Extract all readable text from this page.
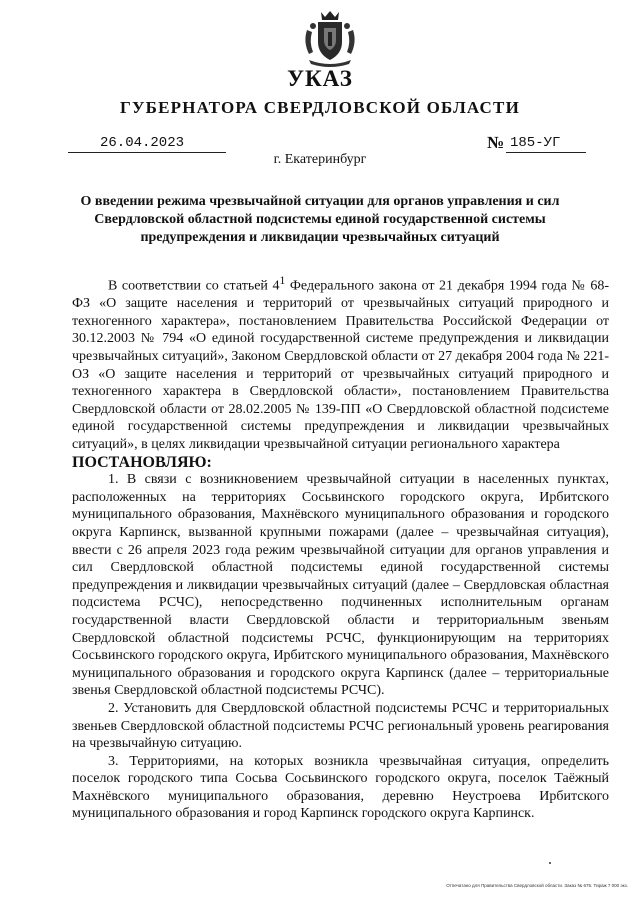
УКАЗ
ГУБЕРНАТОРА СВЕРДЛОВСКОЙ ОБЛАСТИ
26.04.2023	№ 185-УГ
г. Екатеринбург
О введении режима чрезвычайной ситуации для органов управления и сил Свердловской областной подсистемы единой государственной системы предупреждения и ликвидации чрезвычайных ситуаций

В соответствии со статьей $4^1$ Федерального закона от 21 декабря 1994 года № 68-ФЗ «О защите населения и территорий от чрезвычайных ситуаций природного и техногенного характера», постановлением Правительства Российской Федерации от 30.12.2003 № 794 «О единой государственной системе предупреждения и ликвидации чрезвычайных ситуаций», Законом Свердловской области от 27 декабря 2004 года № 221-ОЗ «О защите населения и территорий от чрезвычайных ситуаций природного и техногенного характера в Свердловской области», постановлением Правительства Свердловской области от 28.02.2005 № 139-ПП «О Свердловской областной подсистеме единой государственной системы предупреждения и ликвидации чрезвычайных ситуаций», в целях ликвидации чрезвычайной ситуации регионального характера

ПОСТАНОВЛЯЮ:

1. В связи с возникновением чрезвычайной ситуации в населенных пунктах, расположенных на территориях Сосьвинского городского округа, Ирбитского муниципального образования, Махнёвского муниципального образования и городского округа Карпинск, вызванной крупными пожарами (далее – чрезвычайная ситуация), ввести с 26 апреля 2023 года режим чрезвычайной ситуации для органов управления и сил Свердловской областной подсистемы единой государственной системы предупреждения и ликвидации чрезвычайных ситуаций (далее – Свердловская областная подсистема РСЧС), непосредственно подчиненных исполнительным органам государственной власти Свердловской области и территориальным звеньям Свердловской областной подсистемы РСЧС, функционирующим на территориях Сосьвинского городского округа, Ирбитского муниципального образования, Махнёвского муниципального образования и городского округа Карпинск (далее – территориальные звенья Свердловской областной подсистемы РСЧС).

2. Установить для Свердловской областной подсистемы РСЧС и территориальных звеньев Свердловской областной подсистемы РСЧС региональный уровень реагирования на чрезвычайную ситуацию.

3. Территориями, на которых возникла чрезвычайная ситуация, определить поселок городского типа Сосьва Сосьвинского городского округа, поселок Таёжный Махнёвского муниципального образования, деревню Неустроева Ирбитского муниципального образования и город Карпинск городского округа Карпинск.

Отпечатано для Правительства Свердловской области. Заказ № 675. Тираж 7 000 экз.
